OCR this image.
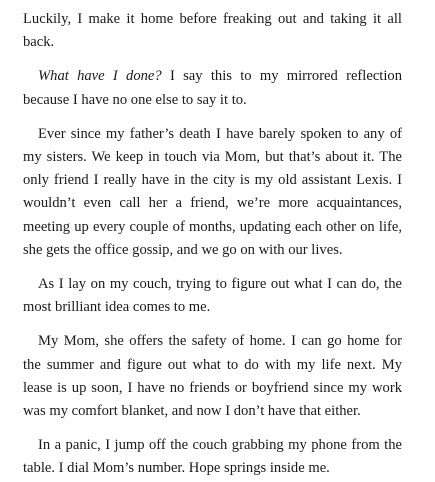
Luckily, I make it home before freaking out and taking it all back.

What have I done? I say this to my mirrored reflection because I have no one else to say it to.

Ever since my father’s death I have barely spoken to any of my sisters. We keep in touch via Mom, but that’s about it. The only friend I really have in the city is my old assistant Lexis. I wouldn’t even call her a friend, we’re more acquaintances, meeting up every couple of months, updating each other on life, she gets the office gossip, and we go on with our lives.

As I lay on my couch, trying to figure out what I can do, the most brilliant idea comes to me.

My Mom, she offers the safety of home. I can go home for the summer and figure out what to do with my life next. My lease is up soon, I have no friends or boyfriend since my work was my comfort blanket, and now I don’t have that either.

In a panic, I jump off the couch grabbing my phone from the table. I dial Mom’s number. Hope springs inside me.
